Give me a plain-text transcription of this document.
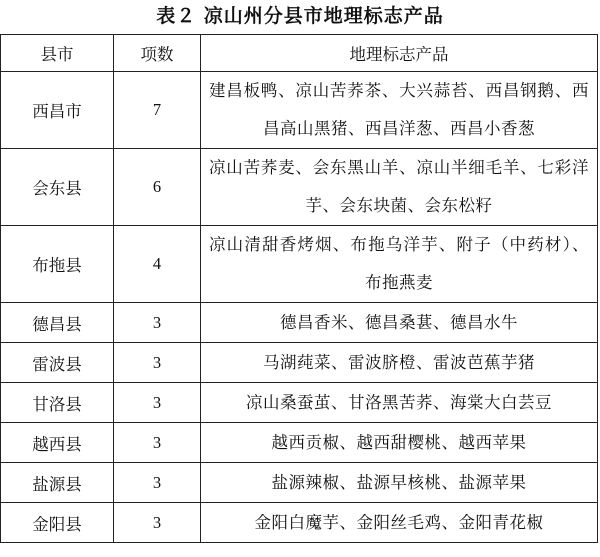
表２ 凉山州分县市地理标志产品
县市	项数	地理标志产品
西昌市	7	建昌板鸭、凉山苦荞茶、大兴蒜苔、西昌钢鹅、西昌高山黑猪、西昌洋葱、西昌小香葱
会东县	6	凉山苦荞麦、会东黑山羊、凉山半细毛羊、七彩洋芋、会东块菌、会东松籽
布拖县	4	凉山清甜香烤烟、布拖乌洋芋、附子（中药材）、布拖燕麦
德昌县	3	德昌香米、德昌桑葚、德昌水牛
雷波县	3	马湖莼菜、雷波脐橙、雷波芭蕉芋猪
甘洛县	3	凉山桑蚕茧、甘洛黑苦荞、海棠大白芸豆
越西县	3	越西贡椒、越西甜樱桃、越西苹果
盐源县	3	盐源辣椒、盐源早核桃、盐源苹果
金阳县	3	金阳白魔芋、金阳丝毛鸡、金阳青花椒
